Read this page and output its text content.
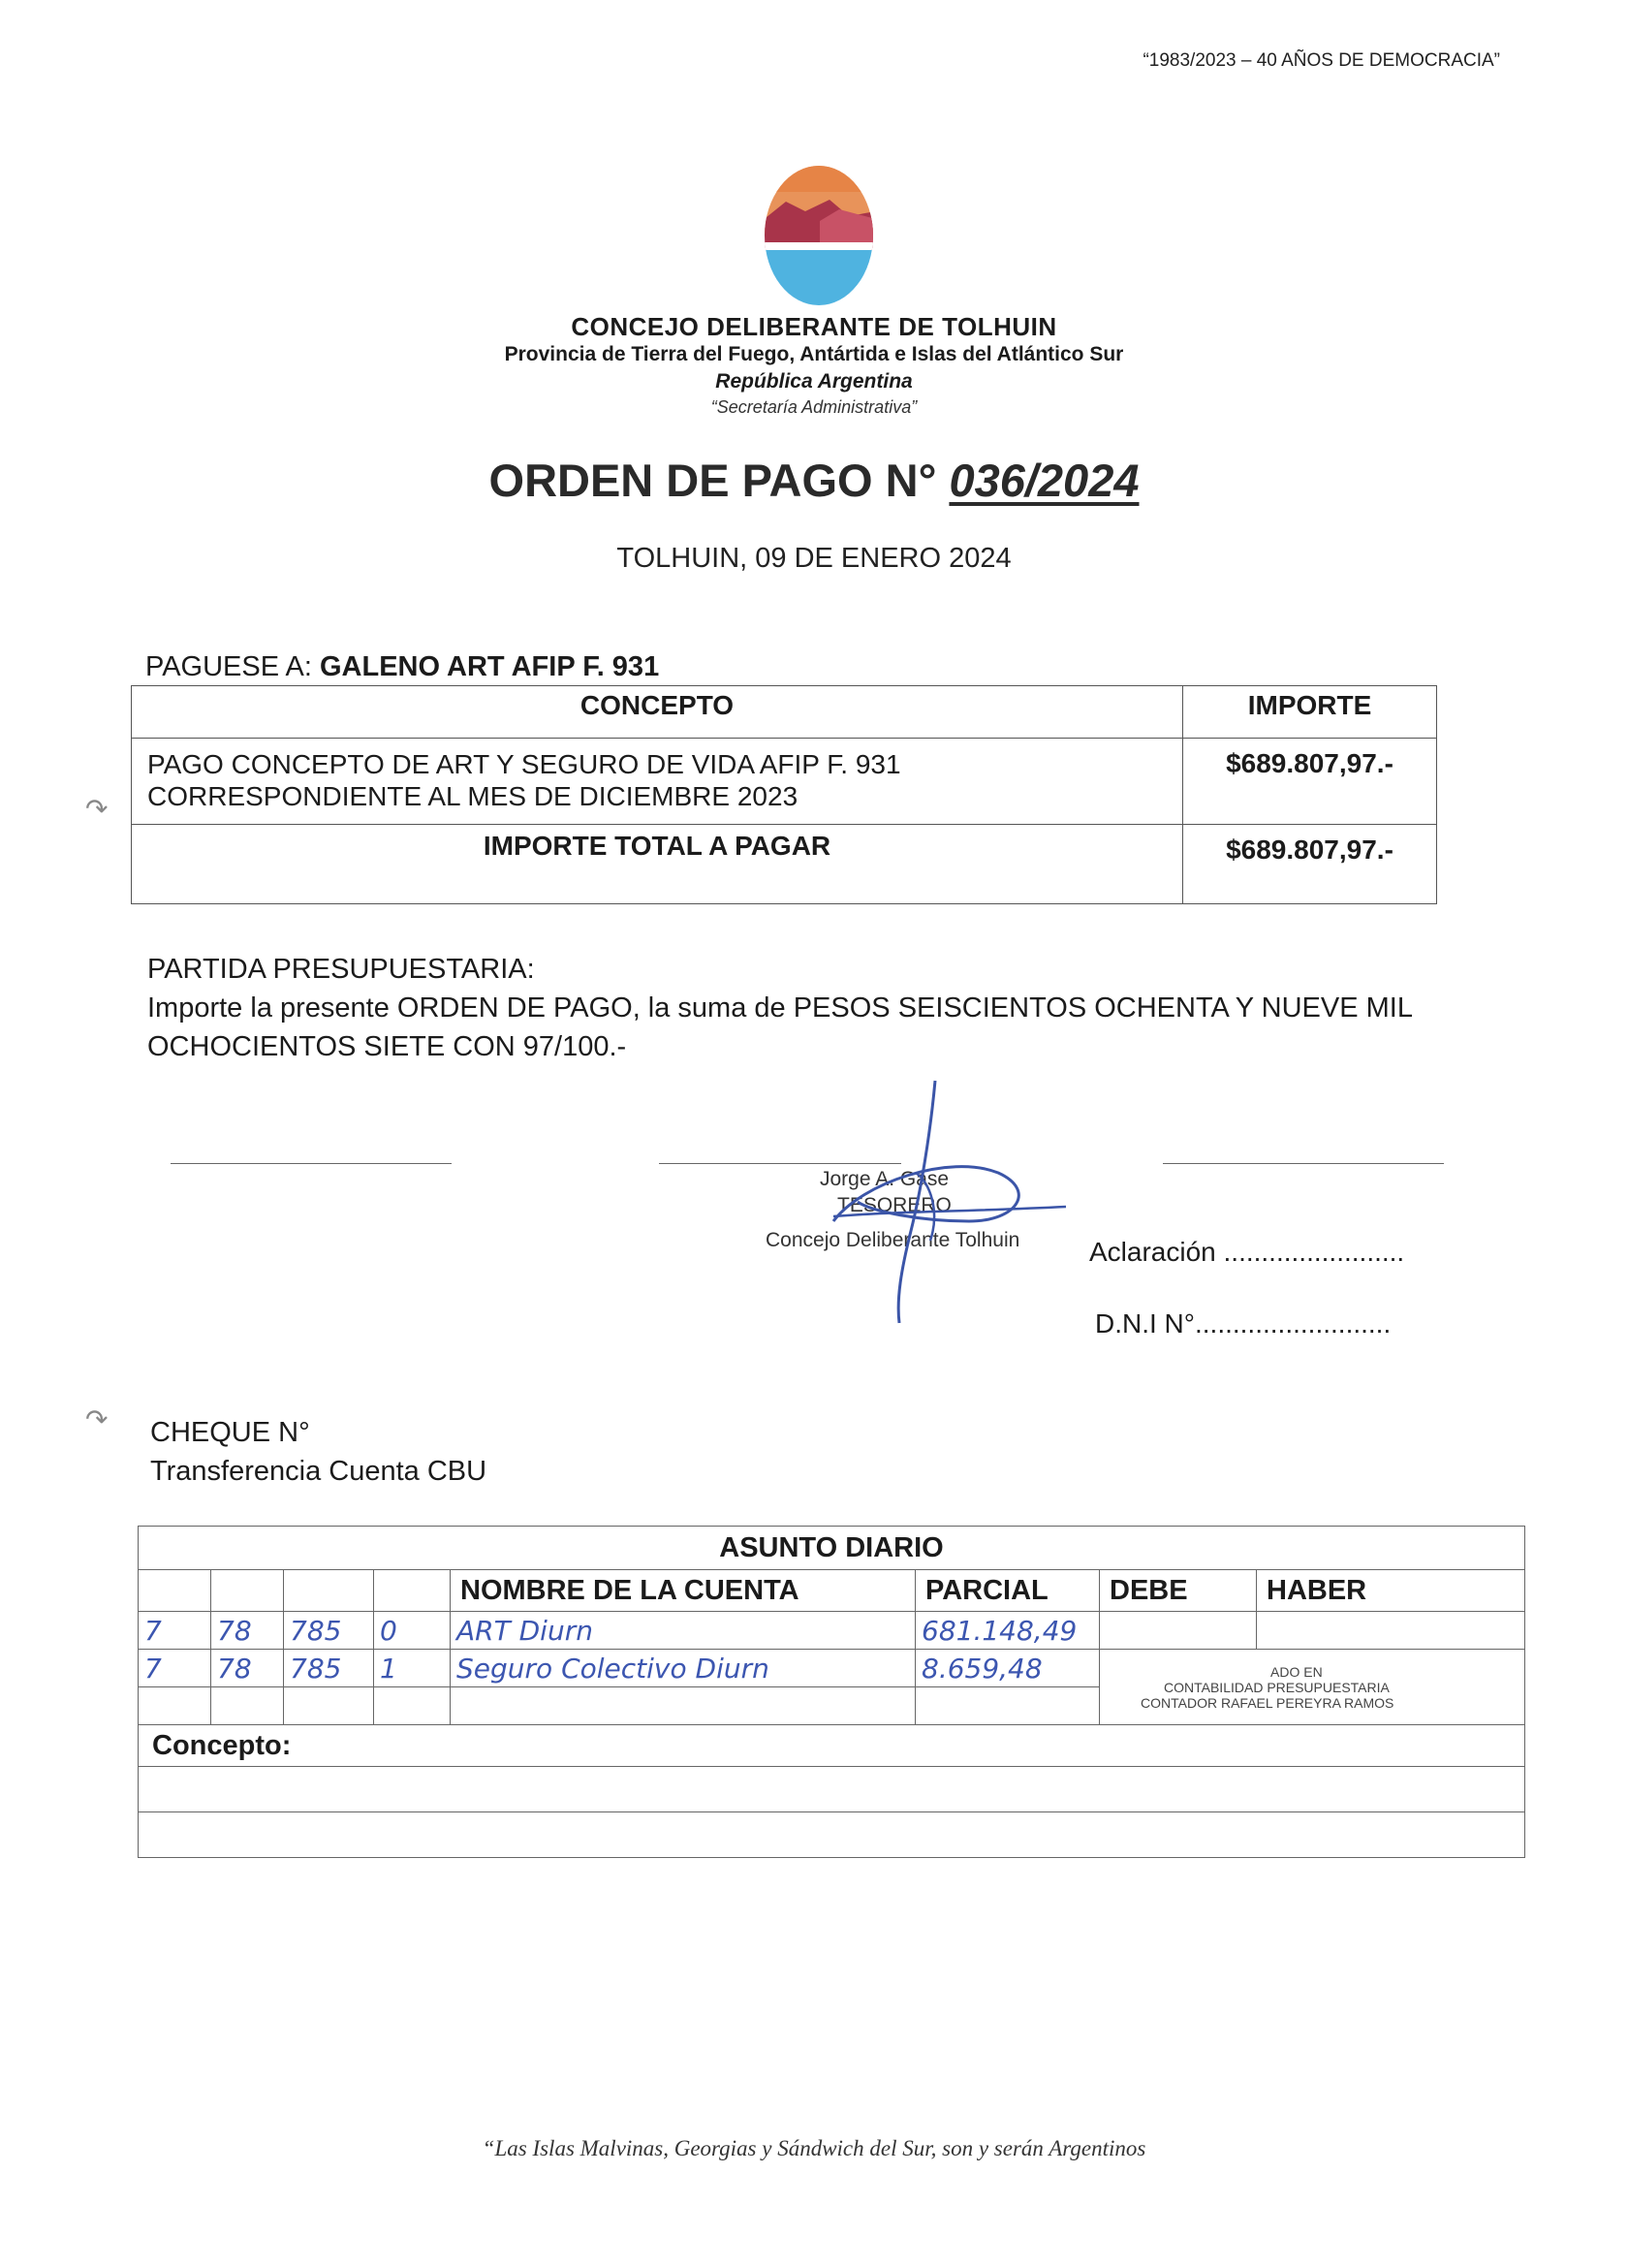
“1983/2023 – 40 AÑOS DE DEMOCRACIA”
CONCEJO DELIBERANTE DE TOLHUIN
Provincia de Tierra del Fuego, Antártida e Islas del Atlántico Sur
República Argentina
“Secretaría Administrativa”
ORDEN DE PAGO N° 036/2024
TOLHUIN, 09 DE ENERO 2024
PAGUESE A: GALENO ART AFIP F. 931
CONCEPTO	IMPORTE

PAGO CONCEPTO DE ART Y SEGURO DE VIDA AFIP F. 931
CORRESPONDIENTE AL MES DE DICIEMBRE 2023	$689.807,97.-
IMPORTE TOTAL A PAGAR	$689.807,97.-
PARTIDA PRESUPUESTARIA:
Importe la presente ORDEN DE PAGO, la suma de PESOS SEISCIENTOS OCHENTA Y NUEVE MIL OCHOCIENTOS SIETE CON 97/100.-
Jorge A. Gase
TESORERO
Concejo Deliberante Tolhuin	Aclaración ........................
D.N.I N°..........................
↷
↷ CHEQUE N°
Transferencia Cuenta CBU
ASUNTO DIARIO							
				NOMBRE DE LA CUENTA	PARCIAL	DEBE	HABER
7	78	785	0	ART Diurn	681.148,49		
7	78	785	1	Seguro Colectivo Diurn	8.659,48	ADO EN
CONTABILIDAD PRESUPUESTARIA
CONTADOR RAFAEL PEREYRA RAMOS	

Concepto:							

“Las Islas Malvinas, Georgias y Sándwich del Sur, son y serán Argentinos
